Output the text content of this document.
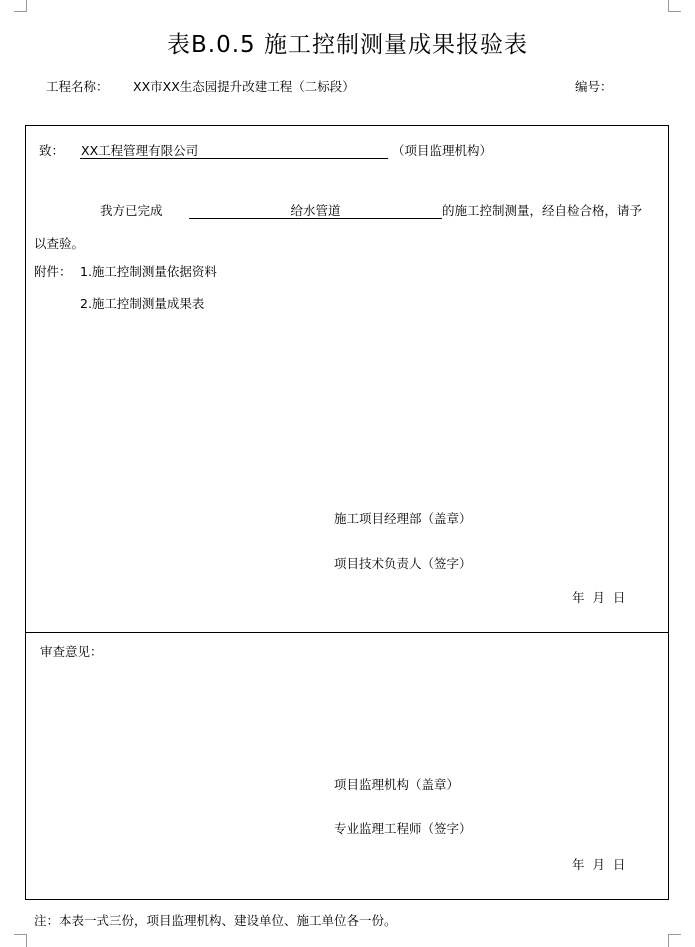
表B.0.5 施工控制测量成果报验表
工程名称： XX市XX生态园提升改建工程（二标段）	编号：
致： XX工程管理有限公司	（项目监理机构）
我方已完成	给水管道	的施工控制测量，经自检合格，请予
以查验。
附件： 1.施工控制测量依据资料
2.施工控制测量成果表
施工项目经理部（盖章）
项目技术负责人（签字）
年  月  日
审查意见：
项目监理机构（盖章）
专业监理工程师（签字）
年  月  日
注：本表一式三份，项目监理机构、建设单位、施工单位各一份。
